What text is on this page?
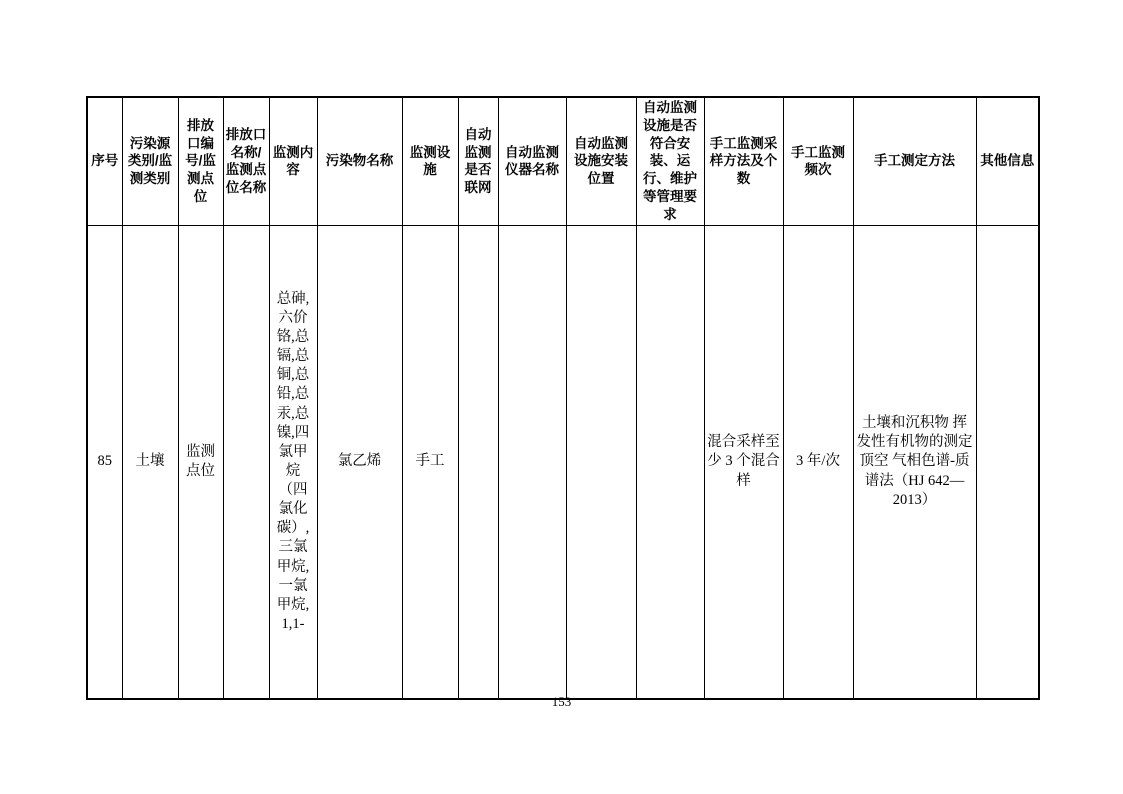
序号	污染源类别/监测类别	排放口编号/监测点位	排放口名称/监测点位名称	监测内容	污染物名称	监测设施	自动监测是否联网	自动监测仪器名称	自动监测设施安装位置	自动监测设施是否符合安装、运行、维护等管理要求	手工监测采样方法及个数	手工监测频次	手工测定方法	其他信息
85	土壤	监测点位		总砷,六价铬,总镉,总铜,总铅,总汞,总镍,四氯甲烷（四氯化碳）,三氯甲烷,一氯甲烷,1,1-	氯乙烯	手工					混合采样至少 3 个混合样	3 年/次	土壤和沉积物 挥发性有机物的测定 顶空 气相色谱-质谱法（HJ 642—2013）	
153
